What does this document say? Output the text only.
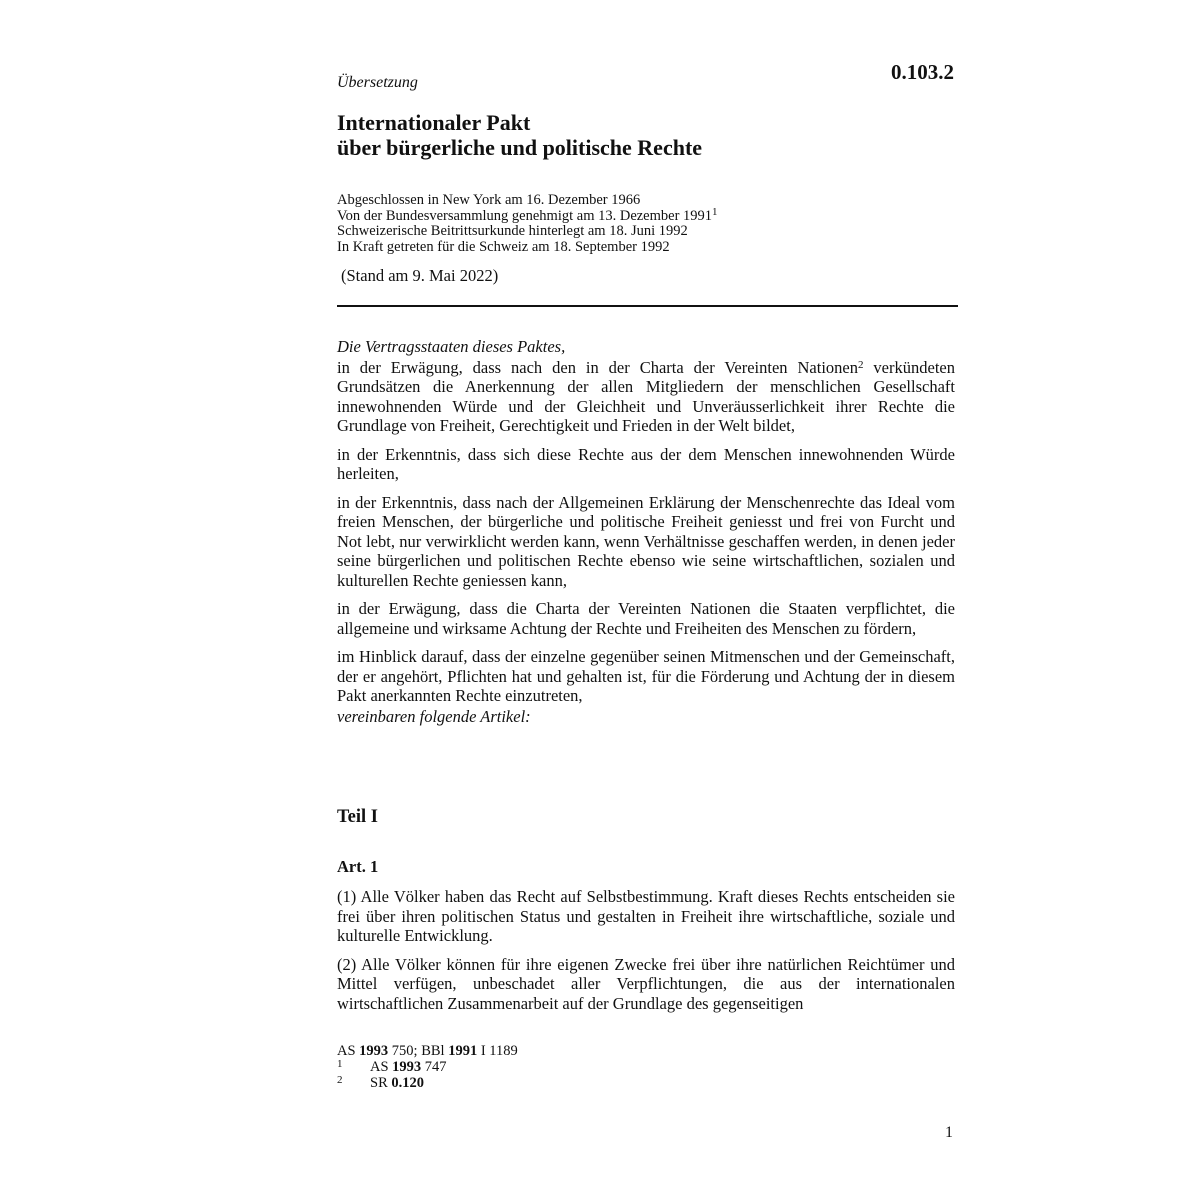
0.103.2
Übersetzung
Internationaler Pakt
über bürgerliche und politische Rechte
Abgeschlossen in New York am 16. Dezember 1966
Von der Bundesversammlung genehmigt am 13. Dezember 1991$^1$
Schweizerische Beitrittsurkunde hinterlegt am 18. Juni 1992
In Kraft getreten für die Schweiz am 18. September 1992
(Stand am 9. Mai 2022)

Die Vertragsstaaten dieses Paktes,

in der Erwägung, dass nach den in der Charta der Vereinten Nationen$^2$ verkündeten Grundsätzen die Anerkennung der allen Mitgliedern der menschlichen Gesellschaft innewohnenden Würde und der Gleichheit und Unveräusserlichkeit ihrer Rechte die Grundlage von Freiheit, Gerechtigkeit und Frieden in der Welt bildet,

in der Erkenntnis, dass sich diese Rechte aus der dem Menschen innewohnenden Würde herleiten,

in der Erkenntnis, dass nach der Allgemeinen Erklärung der Menschenrechte das Ideal vom freien Menschen, der bürgerliche und politische Freiheit geniesst und frei von Furcht und Not lebt, nur verwirklicht werden kann, wenn Verhältnisse geschaffen werden, in denen jeder seine bürgerlichen und politischen Rechte ebenso wie seine wirtschaftlichen, sozialen und kulturellen Rechte geniessen kann,

in der Erwägung, dass die Charta der Vereinten Nationen die Staaten verpflichtet, die allgemeine und wirksame Achtung der Rechte und Freiheiten des Menschen zu fördern,

im Hinblick darauf, dass der einzelne gegenüber seinen Mitmenschen und der Gemeinschaft, der er angehört, Pflichten hat und gehalten ist, für die Förderung und Achtung der in diesem Pakt anerkannten Rechte einzutreten,

vereinbaren folgende Artikel:

Teil I
Art. 1

(1) Alle Völker haben das Recht auf Selbstbestimmung. Kraft dieses Rechts entscheiden sie frei über ihren politischen Status und gestalten in Freiheit ihre wirtschaftliche, soziale und kulturelle Entwicklung.

(2) Alle Völker können für ihre eigenen Zwecke frei über ihre natürlichen Reichtümer und Mittel verfügen, unbeschadet aller Verpflichtungen, die aus der internationalen wirtschaftlichen Zusammenarbeit auf der Grundlage des gegenseitigen

AS 1993 750; BBl 1991 I 1189
1 AS 1993 747
2 SR 0.120
1
